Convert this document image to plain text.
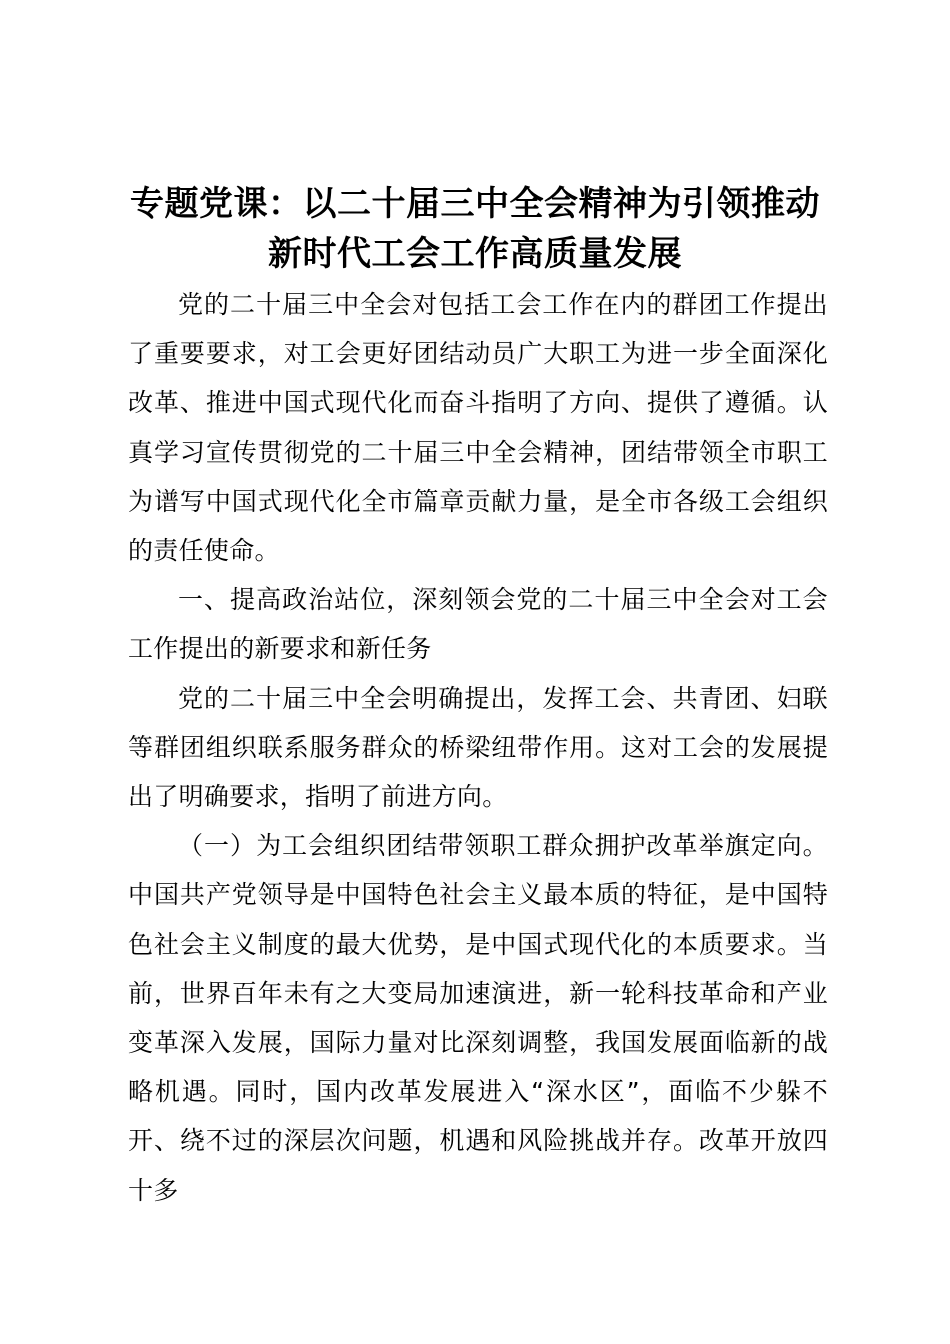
专题党课：以二十届三中全会精神为引领推动
新时代工会工作高质量发展

党的二十届三中全会对包括工会工作在内的群团工作提出了重要要求，对工会更好团结动员广大职工为进一步全面深化改革、推进中国式现代化而奋斗指明了方向、提供了遵循。认真学习宣传贯彻党的二十届三中全会精神，团结带领全市职工为谱写中国式现代化全市篇章贡献力量，是全市各级工会组织的责任使命。

一、提高政治站位，深刻领会党的二十届三中全会对工会工作提出的新要求和新任务

党的二十届三中全会明确提出，发挥工会、共青团、妇联等群团组织联系服务群众的桥梁纽带作用。这对工会的发展提出了明确要求，指明了前进方向。

（一）为工会组织团结带领职工群众拥护改革举旗定向。中国共产党领导是中国特色社会主义最本质的特征，是中国特色社会主义制度的最大优势，是中国式现代化的本质要求。当前，世界百年未有之大变局加速演进，新一轮科技革命和产业变革深入发展，国际力量对比深刻调整，我国发展面临新的战略机遇。同时，国内改革发展进入“深水区”，面临不少躲不开、绕不过的深层次问题，机遇和风险挑战并存。改革开放四十多
